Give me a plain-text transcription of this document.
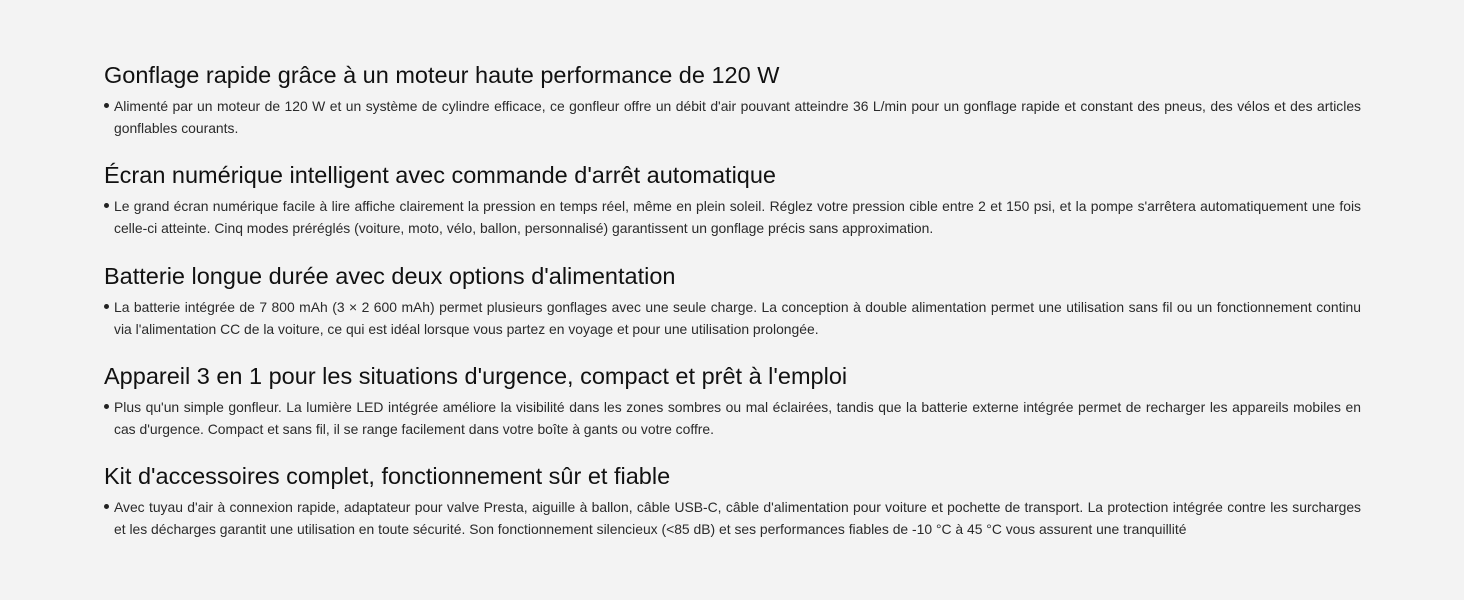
Gonflage rapide grâce à un moteur haute performance de 120 W
Alimenté par un moteur de 120 W et un système de cylindre efficace, ce gonfleur offre un débit d'air pouvant atteindre 36 L/min pour un gonflage rapide et constant des pneus, des vélos et des articles gonflables courants.
Écran numérique intelligent avec commande d'arrêt automatique
Le grand écran numérique facile à lire affiche clairement la pression en temps réel, même en plein soleil. Réglez votre pression cible entre 2 et 150 psi, et la pompe s'arrêtera automatiquement une fois celle-ci atteinte. Cinq modes préréglés (voiture, moto, vélo, ballon, personnalisé) garantissent un gonflage précis sans approximation.
Batterie longue durée avec deux options d'alimentation
La batterie intégrée de 7 800 mAh (3 × 2 600 mAh) permet plusieurs gonflages avec une seule charge. La conception à double alimentation permet une utilisation sans fil ou un fonctionnement continu via l'alimentation CC de la voiture, ce qui est idéal lorsque vous partez en voyage et pour une utilisation prolongée.
Appareil 3 en 1 pour les situations d'urgence, compact et prêt à l'emploi
Plus qu'un simple gonfleur. La lumière LED intégrée améliore la visibilité dans les zones sombres ou mal éclairées, tandis que la batterie externe intégrée permet de recharger les appareils mobiles en cas d'urgence. Compact et sans fil, il se range facilement dans votre boîte à gants ou votre coffre.
Kit d'accessoires complet, fonctionnement sûr et fiable
Avec tuyau d'air à connexion rapide, adaptateur pour valve Presta, aiguille à ballon, câble USB-C, câble d'alimentation pour voiture et pochette de transport. La protection intégrée contre les surcharges et les décharges garantit une utilisation en toute sécurité. Son fonctionnement silencieux (<85 dB) et ses performances fiables de -10 °C à 45 °C vous assurent une tranquillité
